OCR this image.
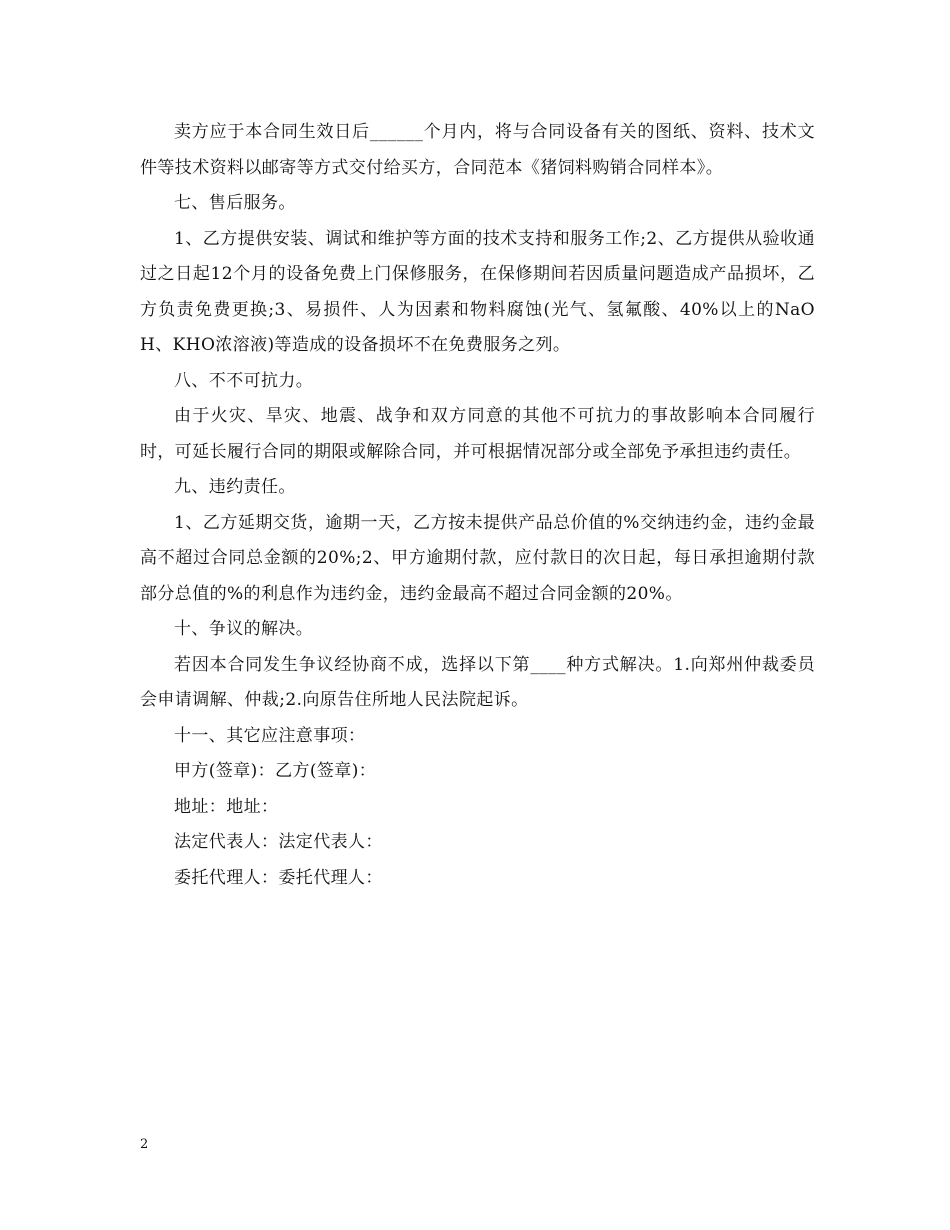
卖方应于本合同生效日后______个月内，将与合同设备有关的图纸、资料、技术文件等技术资料以邮寄等方式交付给买方，合同范本《猪饲料购销合同样本》。

七、售后服务。

1、乙方提供安装、调试和维护等方面的技术支持和服务工作;2、乙方提供从验收通过之日起12个月的设备免费上门保修服务，在保修期间若因质量问题造成产品损坏，乙方负责免费更换;3、易损件、人为因素和物料腐蚀(光气、氢氟酸、40%以上的NaOH、KHO浓溶液)等造成的设备损坏不在免费服务之列。

八、不不可抗力。

由于火灾、旱灾、地震、战争和双方同意的其他不可抗力的事故影响本合同履行时，可延长履行合同的期限或解除合同，并可根据情况部分或全部免予承担违约责任。

九、违约责任。

1、乙方延期交货，逾期一天，乙方按未提供产品总价值的%交纳违约金，违约金最高不超过合同总金额的20%;2、甲方逾期付款，应付款日的次日起，每日承担逾期付款部分总值的%的利息作为违约金，违约金最高不超过合同金额的20%。

十、争议的解决。

若因本合同发生争议经协商不成，选择以下第____种方式解决。1.向郑州仲裁委员会申请调解、仲裁;2.向原告住所地人民法院起诉。

十一、其它应注意事项：

甲方(签章)：乙方(签章)：

地址：地址：

法定代表人：法定代表人：

委托代理人：委托代理人：

2
